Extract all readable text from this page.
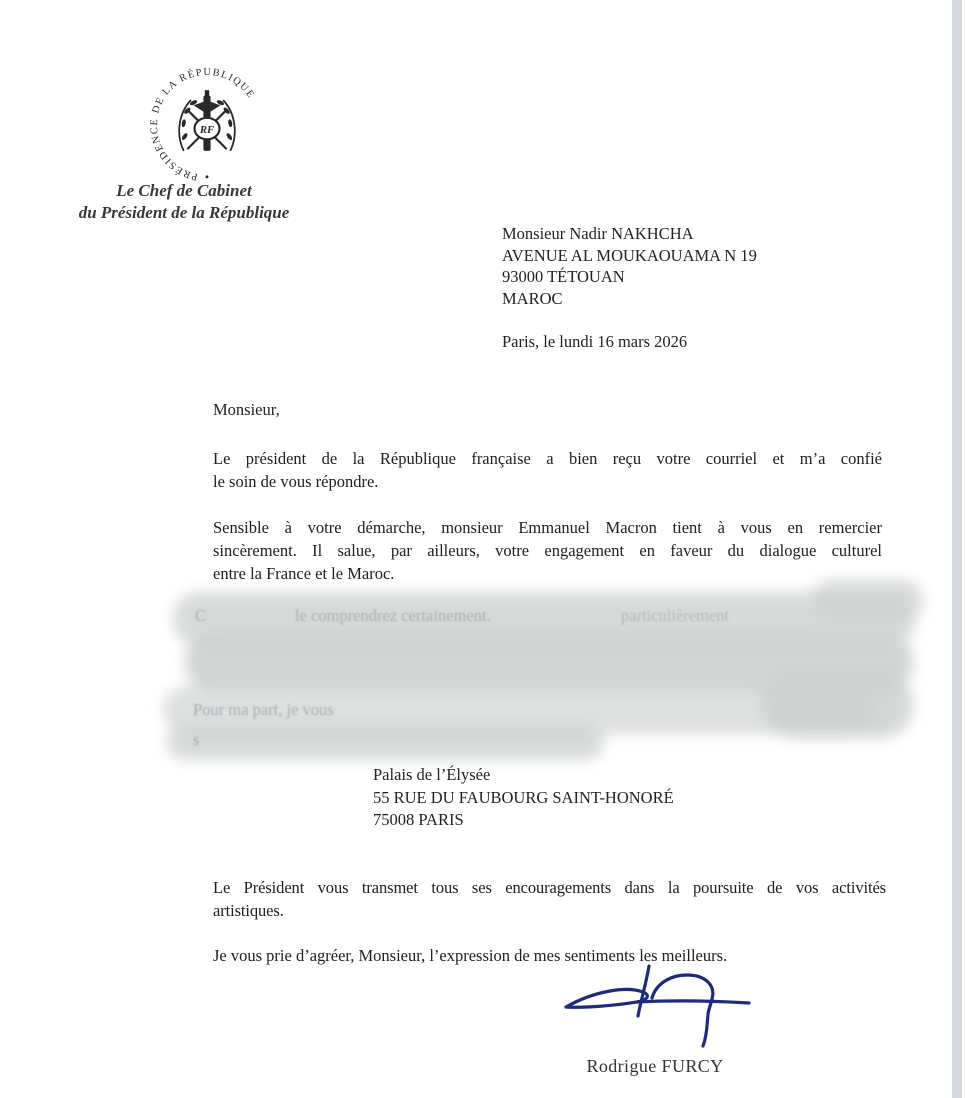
PRÉSIDENCE DE LA RÉPUBLIQUE
RF
Le Chef de Cabinet
du Président de la République
Monsieur Nadir NAKHCHA
AVENUE AL MOUKAOUAMA N 19
93000 TÉTOUAN
MAROC
Paris, le lundi 16 mars 2026
Monsieur,
Le président de la République française a bien reçu votre courriel et m’a confié
le soin de vous répondre.
Sensible à votre démarche, monsieur Emmanuel Macron tient à vous en remercier
sincèrement. Il salue, par ailleurs, votre engagement en faveur du dialogue culturel
entre la France et le Maroc.
C	le comprendrez certainement.	particulièrement
Pour ma part, je vous
s
Palais de l’Élysée
55 RUE DU FAUBOURG SAINT-HONORÉ
75008 PARIS
Le Président vous transmet tous ses encouragements dans la poursuite de vos activités
artistiques.
Je vous prie d’agréer, Monsieur, l’expression de mes sentiments les meilleurs.
Rodrigue FURCY
